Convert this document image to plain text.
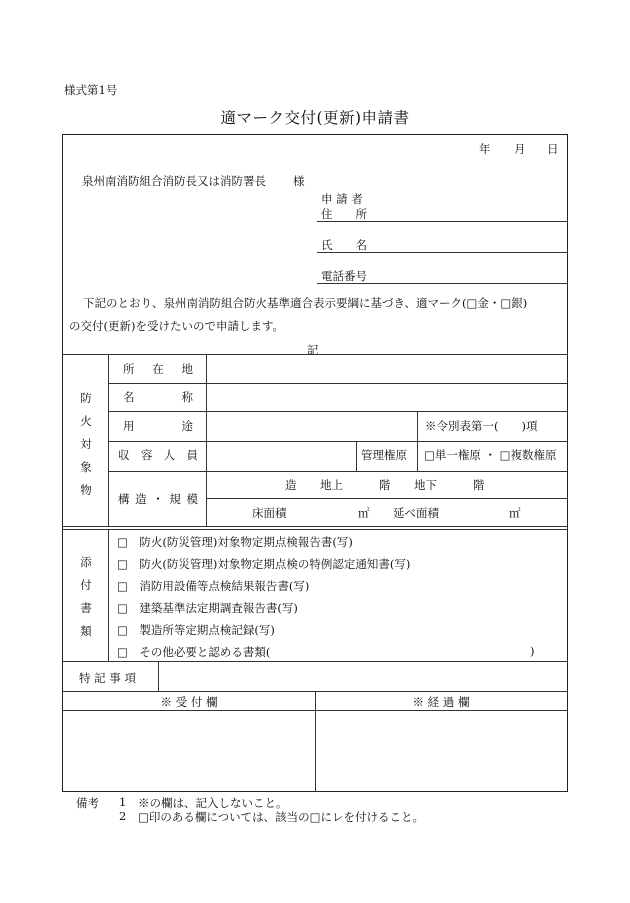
様式第1号
適マーク交付(更新)申請書
年 月 日
泉州南消防組合消防長又は消防署長 様
申 請 者
住　　所
氏　　名
電話番号
下記のとおり、泉州南消防組合防火基準適合表示要綱に基づき、適マーク(□金・□銀)
の交付(更新)を受けたいので申請します。
記
防
火
対
象
物
所 在 地
名	称
用	途	※令別表第一(　　)項
収 容 人 員	管理権原 □単一権原 ・ □複数権原
構 造 ・ 規 模
造 地上	階 地下	階
床面積	㎡ 延べ面積	㎡
添
付
書
類
□　防火(防災管理)対象物定期点検報告書(写)
□　防火(防災管理)対象物定期点検の特例認定通知書(写)
□　消防用設備等点検結果報告書(写)
□　建築基準法定期調査報告書(写)
□　製造所等定期点検記録(写)
□　その他必要と認める書類(	)
特 記 事 項
※ 受 付 欄	※ 経 過 欄
備考 1 ※の欄は、記入しないこと。
2 □印のある欄については、該当の□にレを付けること。
